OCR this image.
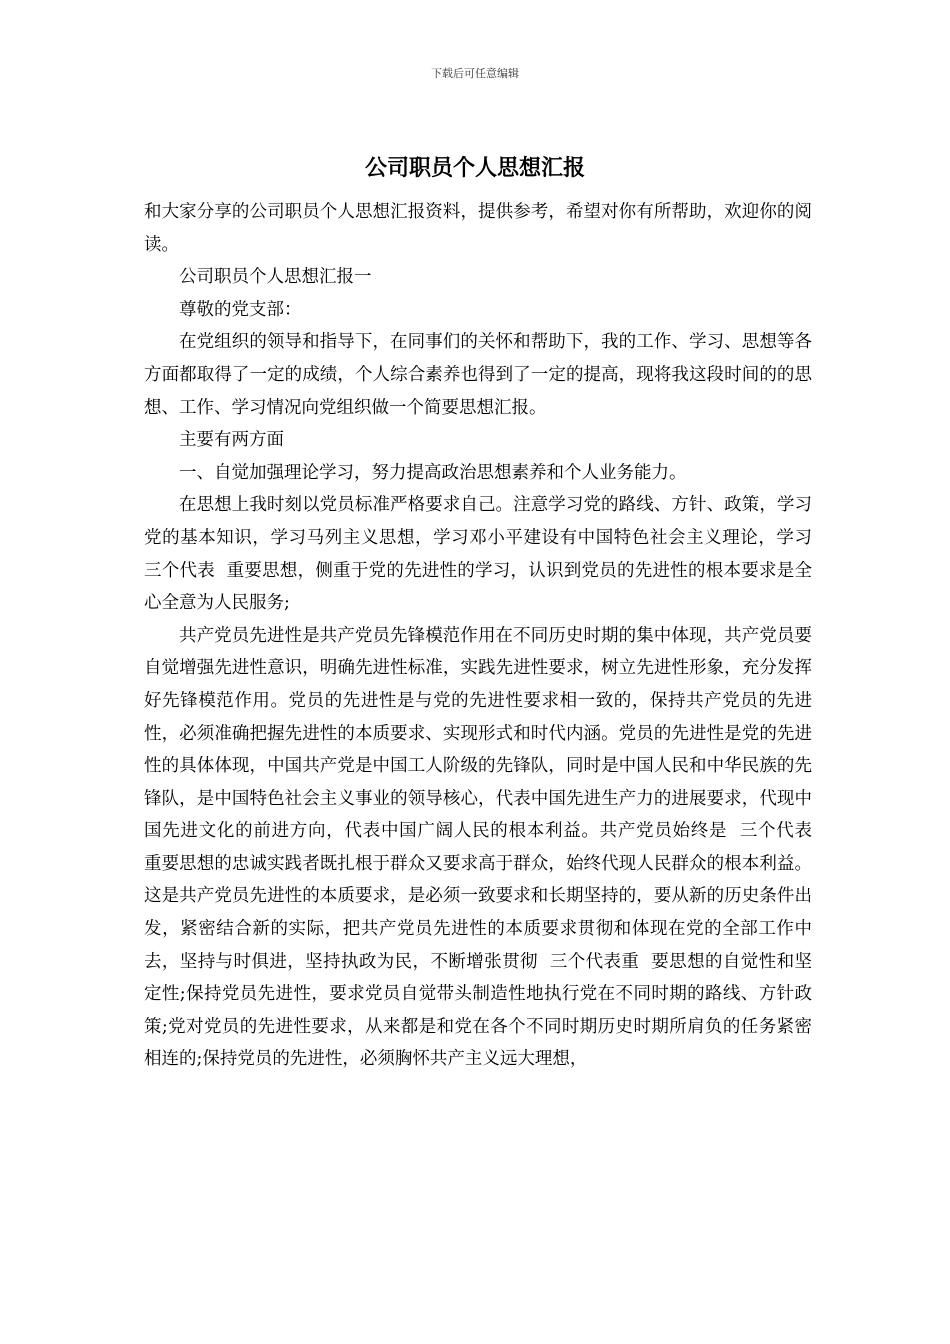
下载后可任意编辑
公司职员个人思想汇报

和大家分享的公司职员个人思想汇报资料，提供参考，希望对你有所帮助，欢迎你的阅读。

公司职员个人思想汇报一

尊敬的党支部：

在党组织的领导和指导下，在同事们的关怀和帮助下，我的工作、学习、思想等各方面都取得了一定的成绩，个人综合素养也得到了一定的提高，现将我这段时间的的思想、工作、学习情况向党组织做一个简要思想汇报。

主要有两方面

一、自觉加强理论学习，努力提高政治思想素养和个人业务能力。

在思想上我时刻以党员标准严格要求自己。注意学习党的路线、方针、政策，学习党的基本知识，学习马列主义思想，学习邓小平建设有中国特色社会主义理论，学习  三个代表  重要思想，侧重于党的先进性的学习，认识到党员的先进性的根本要求是全心全意为人民服务;

共产党员先进性是共产党员先锋模范作用在不同历史时期的集中体现，共产党员要自觉增强先进性意识，明确先进性标准，实践先进性要求，树立先进性形象，充分发挥好先锋模范作用。党员的先进性是与党的先进性要求相一致的，保持共产党员的先进性，必须准确把握先进性的本质要求、实现形式和时代内涵。党员的先进性是党的先进性的具体体现，中国共产党是中国工人阶级的先锋队，同时是中国人民和中华民族的先锋队，是中国特色社会主义事业的领导核心，代表中国先进生产力的进展要求，代现中国先进文化的前进方向，代表中国广阔人民的根本利益。共产党员始终是  三个代表  重要思想的忠诚实践者既扎根于群众又要求高于群众，始终代现人民群众的根本利益。这是共产党员先进性的本质要求，是必须一致要求和长期坚持的，要从新的历史条件出发，紧密结合新的实际，把共产党员先进性的本质要求贯彻和体现在党的全部工作中去，坚持与时俱进，坚持执政为民，不断增张贯彻  三个代表重  要思想的自觉性和坚定性;保持党员先进性，要求党员自觉带头制造性地执行党在不同时期的路线、方针政策;党对党员的先进性要求，从来都是和党在各个不同时期历史时期所肩负的任务紧密相连的;保持党员的先进性，必须胸怀共产主义远大理想，
